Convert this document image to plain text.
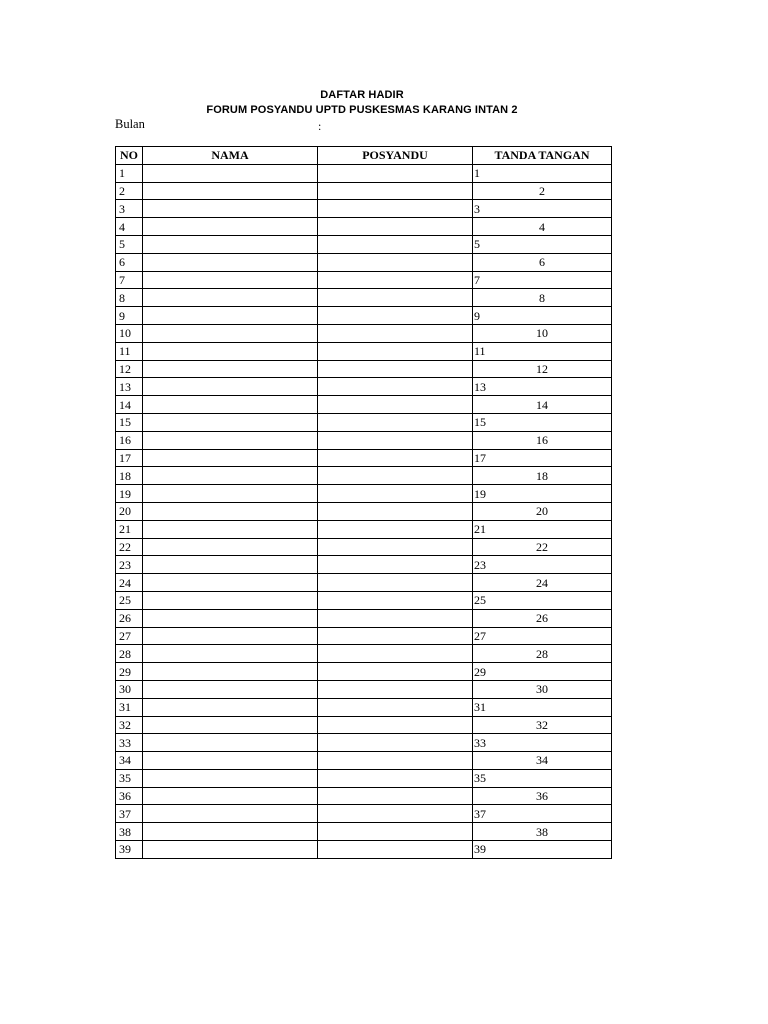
DAFTAR HADIR
FORUM POSYANDU UPTD PUSKESMAS KARANG INTAN 2
Bulan	:
NO	NAMA	POSYANDU	TANDA TANGAN
1			1
2			2
3			3
4			4
5			5
6			6
7			7
8			8
9			9
10			10
11			11
12			12
13			13
14			14
15			15
16			16
17			17
18			18
19			19
20			20
21			21
22			22
23			23
24			24
25			25
26			26
27			27
28			28
29			29
30			30
31			31
32			32
33			33
34			34
35			35
36			36
37			37
38			38
39			39
